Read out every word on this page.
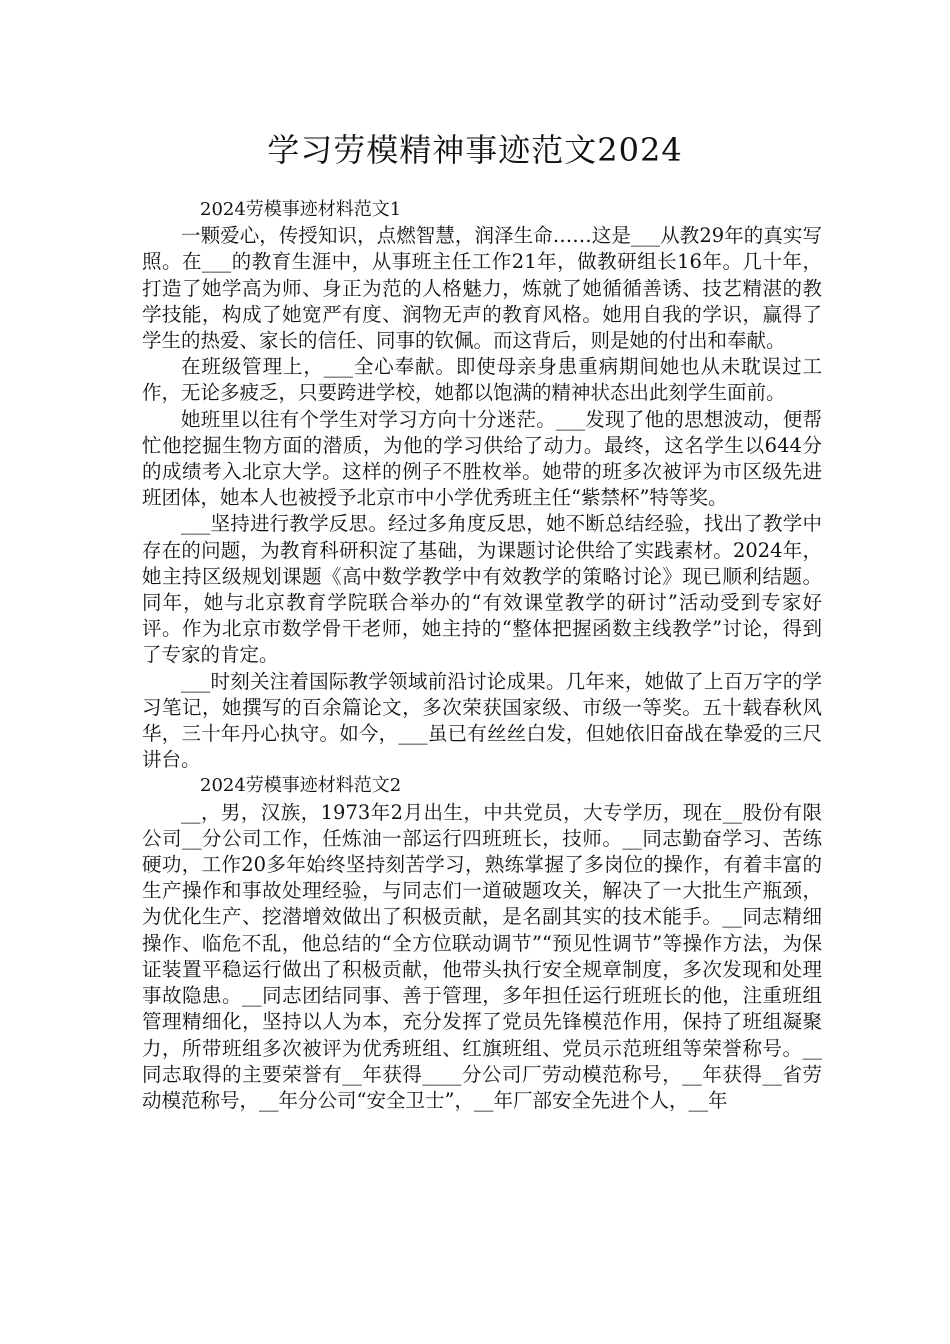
学习劳模精神事迹范文2024

2024劳模事迹材料范文1

一颗爱心，传授知识，点燃智慧，润泽生命……这是___从教29年的真实写照。在___的教育生涯中，从事班主任工作21年，做教研组长16年。几十年，打造了她学高为师、身正为范的人格魅力，炼就了她循循善诱、技艺精湛的教学技能，构成了她宽严有度、润物无声的教育风格。她用自我的学识，赢得了学生的热爱、家长的信任、同事的钦佩。而这背后，则是她的付出和奉献。

在班级管理上，___全心奉献。即使母亲身患重病期间她也从未耽误过工作，无论多疲乏，只要跨进学校，她都以饱满的精神状态出此刻学生面前。

她班里以往有个学生对学习方向十分迷茫。___发现了他的思想波动，便帮忙他挖掘生物方面的潜质，为他的学习供给了动力。最终，这名学生以644分的成绩考入北京大学。这样的例子不胜枚举。她带的班多次被评为市区级先进班团体，她本人也被授予北京市中小学优秀班主任“紫禁杯”特等奖。

___坚持进行教学反思。经过多角度反思，她不断总结经验，找出了教学中存在的问题，为教育科研积淀了基础，为课题讨论供给了实践素材。2024年，她主持区级规划课题《高中数学教学中有效教学的策略讨论》现已顺利结题。同年，她与北京教育学院联合举办的“有效课堂教学的研讨”活动受到专家好评。作为北京市数学骨干老师，她主持的“整体把握函数主线教学”讨论，得到了专家的肯定。

___时刻关注着国际教学领域前沿讨论成果。几年来，她做了上百万字的学习笔记，她撰写的百余篇论文，多次荣获国家级、市级一等奖。五十载春秋风华，三十年丹心执守。如今，___虽已有丝丝白发，但她依旧奋战在挚爱的三尺讲台。

2024劳模事迹材料范文2

__，男，汉族，1973年2月出生，中共党员，大专学历，现在__股份有限公司__分公司工作，任炼油一部运行四班班长，技师。__同志勤奋学习、苦练硬功，工作20多年始终坚持刻苦学习，熟练掌握了多岗位的操作，有着丰富的生产操作和事故处理经验，与同志们一道破题攻关，解决了一大批生产瓶颈，为优化生产、挖潜增效做出了积极贡献，是名副其实的技术能手。__同志精细操作、临危不乱，他总结的“全方位联动调节”“预见性调节”等操作方法，为保证装置平稳运行做出了积极贡献，他带头执行安全规章制度，多次发现和处理事故隐患。__同志团结同事、善于管理，多年担任运行班班长的他，注重班组管理精细化，坚持以人为本，充分发挥了党员先锋模范作用，保持了班组凝聚力，所带班组多次被评为优秀班组、红旗班组、党员示范班组等荣誉称号。__同志取得的主要荣誉有__年获得____分公司厂劳动模范称号，__年获得__省劳动模范称号，__年分公司“安全卫士”，__年厂部安全先进个人，__年
